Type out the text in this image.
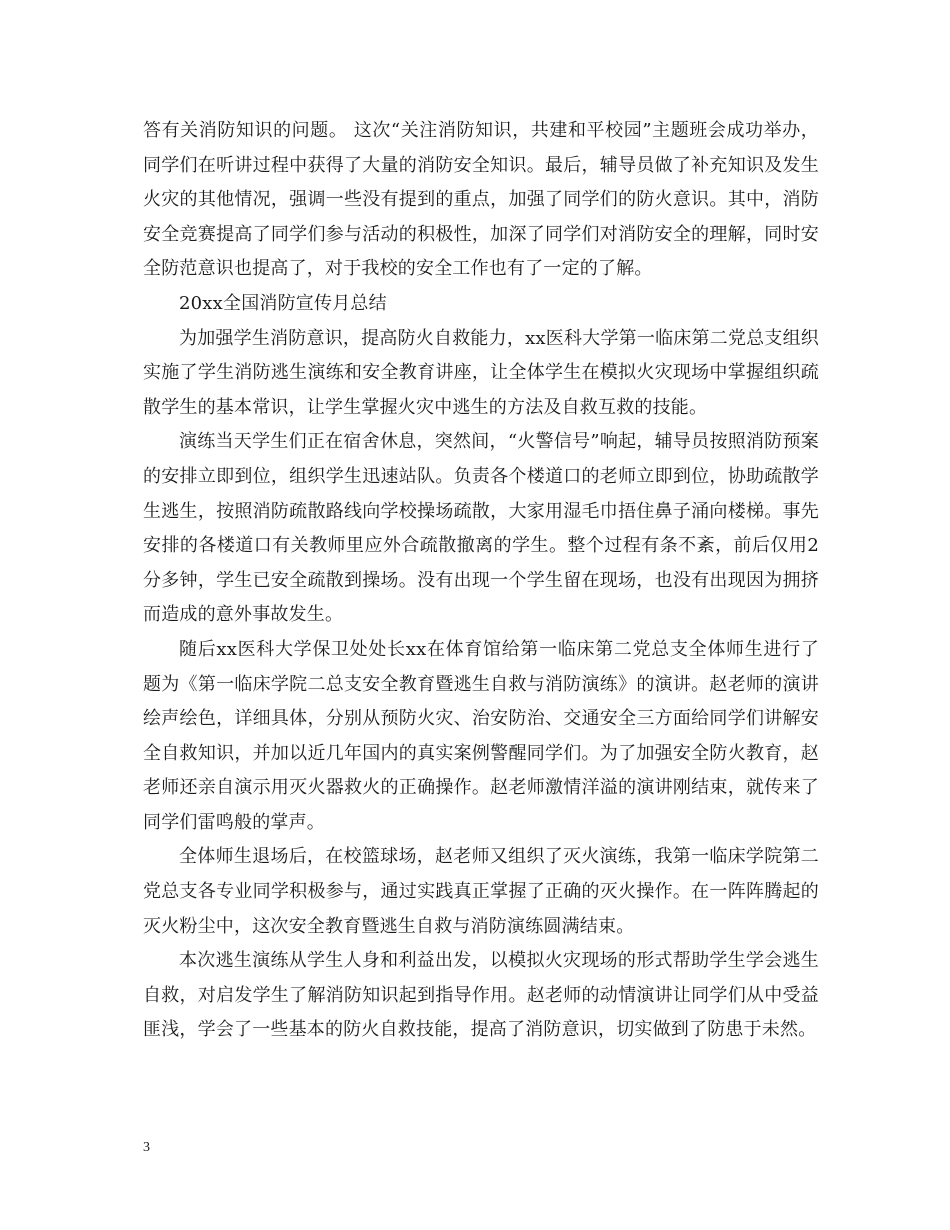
答有关消防知识的问题。 这次“关注消防知识，共建和平校园”主题班会成功举办，同学们在听讲过程中获得了大量的消防安全知识。最后，辅导员做了补充知识及发生火灾的其他情况，强调一些没有提到的重点，加强了同学们的防火意识。其中，消防安全竞赛提高了同学们参与活动的积极性，加深了同学们对消防安全的理解，同时安全防范意识也提高了，对于我校的安全工作也有了一定的了解。

20xx全国消防宣传月总结

为加强学生消防意识，提高防火自救能力，xx医科大学第一临床第二党总支组织实施了学生消防逃生演练和安全教育讲座，让全体学生在模拟火灾现场中掌握组织疏散学生的基本常识，让学生掌握火灾中逃生的方法及自救互救的技能。

演练当天学生们正在宿舍休息，突然间，“火警信号”响起，辅导员按照消防预案的安排立即到位，组织学生迅速站队。负责各个楼道口的老师立即到位，协助疏散学生逃生，按照消防疏散路线向学校操场疏散，大家用湿毛巾捂住鼻子涌向楼梯。事先安排的各楼道口有关教师里应外合疏散撤离的学生。整个过程有条不紊，前后仅用2分多钟，学生已安全疏散到操场。没有出现一个学生留在现场，也没有出现因为拥挤而造成的意外事故发生。

随后xx医科大学保卫处处长xx在体育馆给第一临床第二党总支全体师生进行了题为《第一临床学院二总支安全教育暨逃生自救与消防演练》的演讲。赵老师的演讲绘声绘色，详细具体，分别从预防火灾、治安防治、交通安全三方面给同学们讲解安全自救知识，并加以近几年国内的真实案例警醒同学们。为了加强安全防火教育，赵老师还亲自演示用灭火器救火的正确操作。赵老师激情洋溢的演讲刚结束，就传来了同学们雷鸣般的掌声。

全体师生退场后，在校篮球场，赵老师又组织了灭火演练，我第一临床学院第二党总支各专业同学积极参与，通过实践真正掌握了正确的灭火操作。在一阵阵腾起的灭火粉尘中，这次安全教育暨逃生自救与消防演练圆满结束。

本次逃生演练从学生人身和利益出发，以模拟火灾现场的形式帮助学生学会逃生自救，对启发学生了解消防知识起到指导作用。赵老师的动情演讲让同学们从中受益匪浅，学会了一些基本的防火自救技能，提高了消防意识，切实做到了防患于未然。

3
